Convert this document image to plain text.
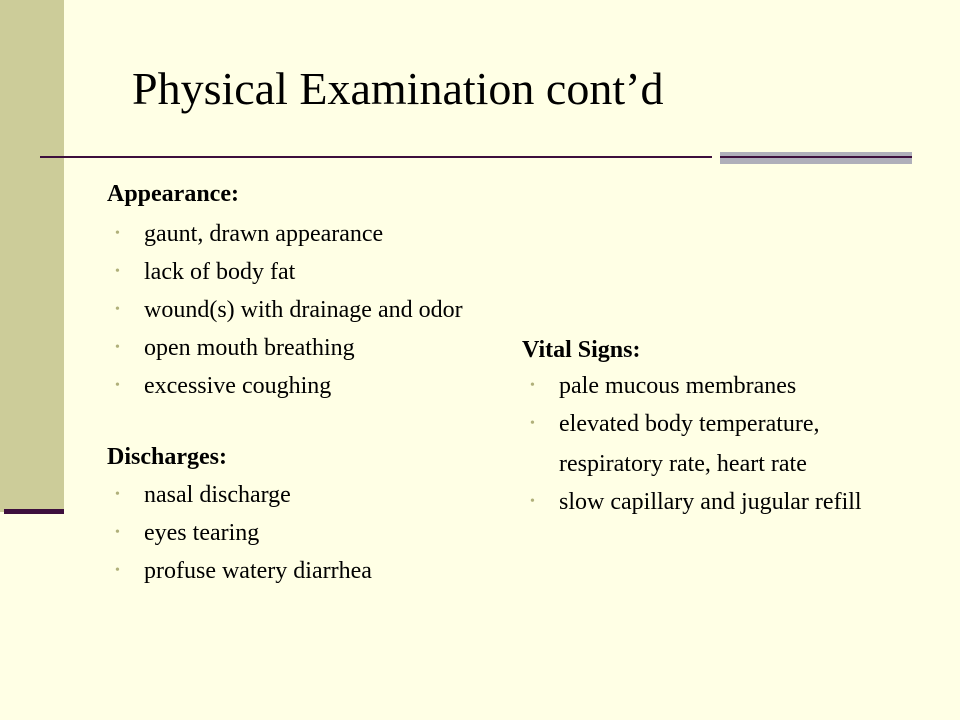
Physical Examination cont’d

Appearance:

• gaunt, drawn appearance
• lack of body fat
• wound(s) with drainage and odor
• open mouth breathing
• excessive coughing

Discharges:

• nasal discharge
• eyes tearing
• profuse watery diarrhea

Vital Signs:

• pale mucous membranes
• elevated body temperature,
respiratory rate, heart rate
• slow capillary and jugular refill
